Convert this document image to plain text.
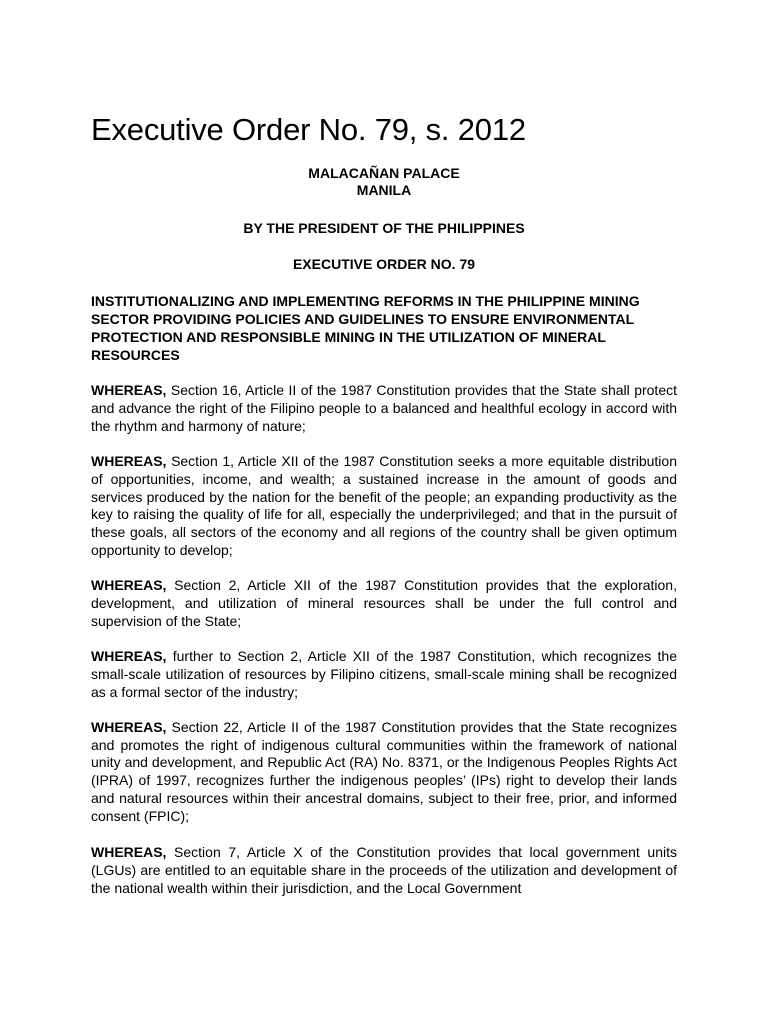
Executive Order No. 79, s. 2012
MALACAÑAN PALACE
MANILA
BY THE PRESIDENT OF THE PHILIPPINES
EXECUTIVE ORDER NO. 79
INSTITUTIONALIZING AND IMPLEMENTING REFORMS IN THE PHILIPPINE MINING SECTOR PROVIDING POLICIES AND GUIDELINES TO ENSURE ENVIRONMENTAL PROTECTION AND RESPONSIBLE MINING IN THE UTILIZATION OF MINERAL RESOURCES

WHEREAS, Section 16, Article II of the 1987 Constitution provides that the State shall protect and advance the right of the Filipino people to a balanced and healthful ecology in accord with the rhythm and harmony of nature;

WHEREAS, Section 1, Article XII of the 1987 Constitution seeks a more equitable distribution of opportunities, income, and wealth; a sustained increase in the amount of goods and services produced by the nation for the benefit of the people; an expanding productivity as the key to raising the quality of life for all, especially the underprivileged; and that in the pursuit of these goals, all sectors of the economy and all regions of the country shall be given optimum opportunity to develop;

WHEREAS, Section 2, Article XII of the 1987 Constitution provides that the exploration, development, and utilization of mineral resources shall be under the full control and supervision of the State;

WHEREAS, further to Section 2, Article XII of the 1987 Constitution, which recognizes the small-scale utilization of resources by Filipino citizens, small-scale mining shall be recognized as a formal sector of the industry;

WHEREAS, Section 22, Article II of the 1987 Constitution provides that the State recognizes and promotes the right of indigenous cultural communities within the framework of national unity and development, and Republic Act (RA) No. 8371, or the Indigenous Peoples Rights Act (IPRA) of 1997, recognizes further the indigenous peoples’ (IPs) right to develop their lands and natural resources within their ancestral domains, subject to their free, prior, and informed consent (FPIC);

WHEREAS, Section 7, Article X of the Constitution provides that local government units (LGUs) are entitled to an equitable share in the proceeds of the utilization and development of the national wealth within their jurisdiction, and the Local Government
